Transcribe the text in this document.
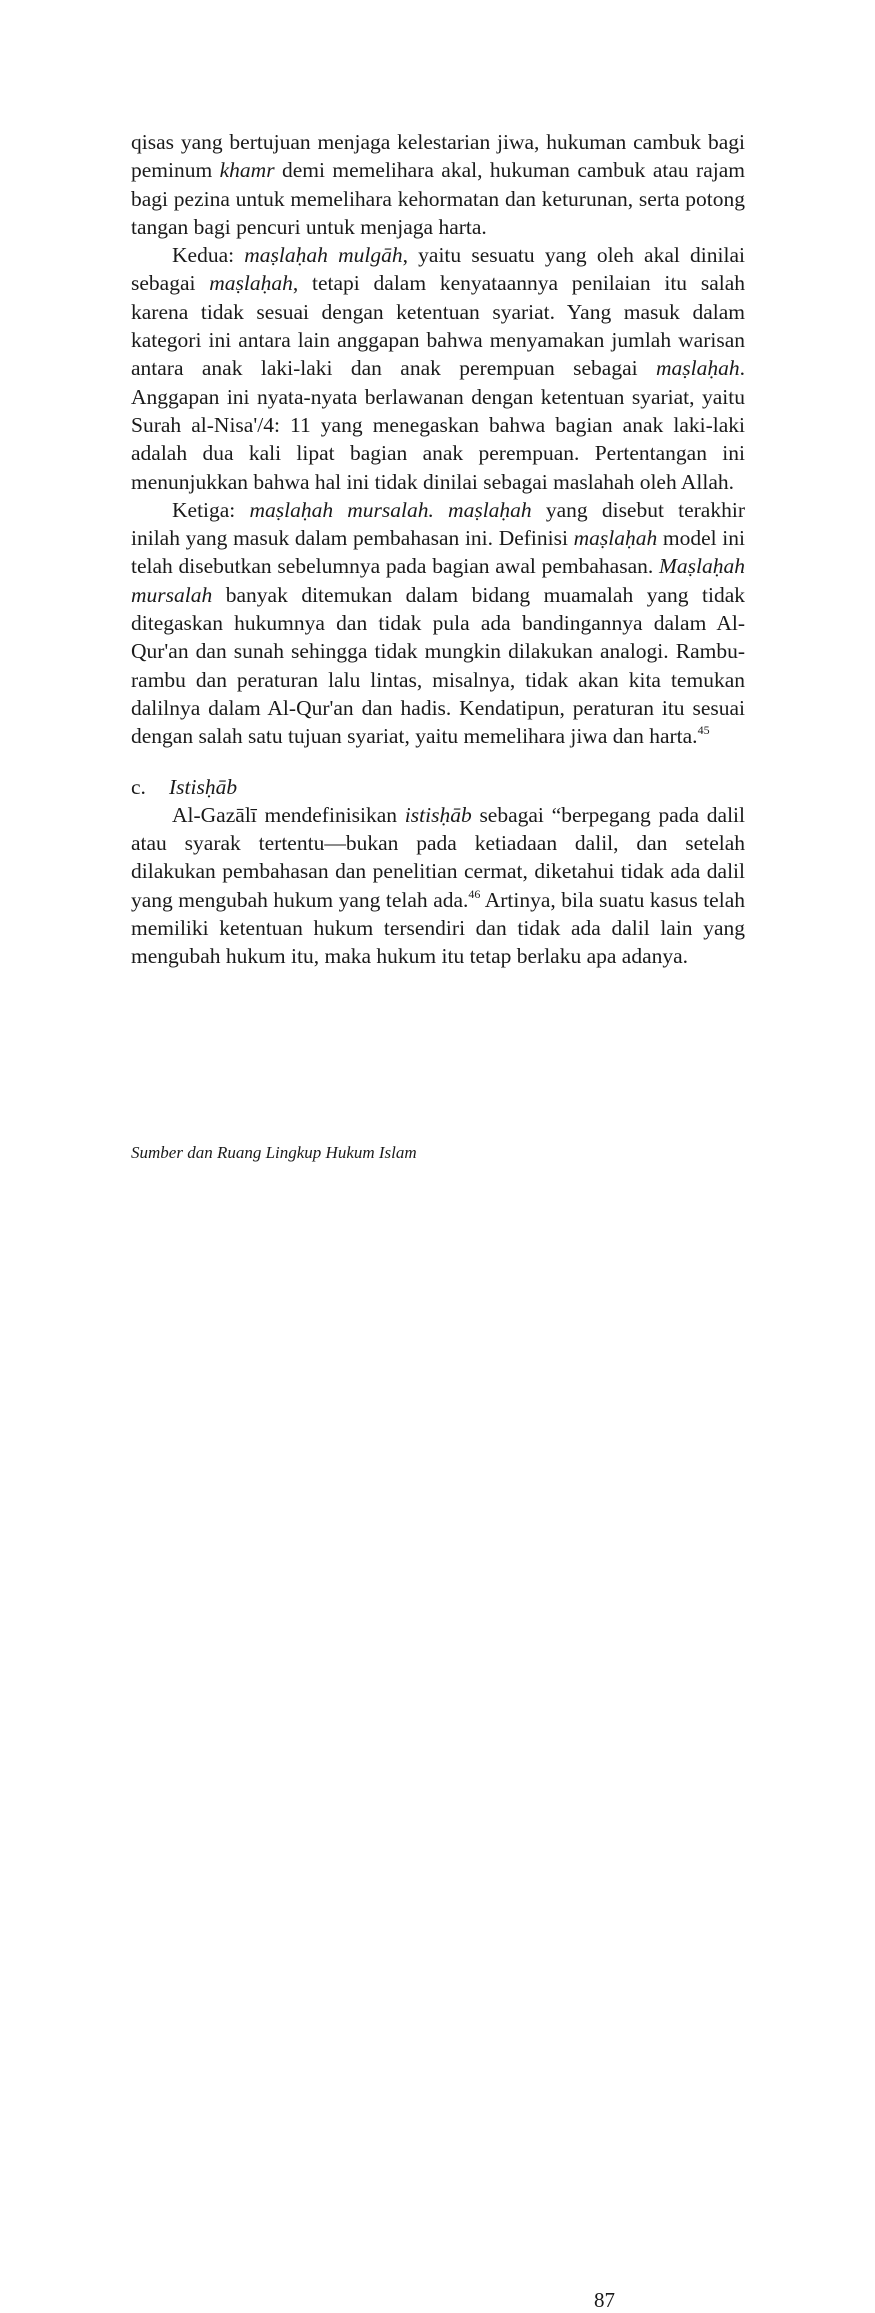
qisas yang bertujuan menjaga kelestarian jiwa, hukuman cambuk bagi peminum khamr demi memelihara akal, hukuman cambuk atau rajam bagi pezina untuk memelihara kehormatan dan keturunan, serta potong tangan bagi pencuri untuk menjaga harta.

Kedua: maṣlaḥah mulgāh, yaitu sesuatu yang oleh akal dinilai sebagai maṣlaḥah, tetapi dalam kenyataannya penilaian itu salah karena tidak sesuai dengan ketentuan syariat. Yang masuk dalam kategori ini antara lain anggapan bahwa menyamakan jumlah warisan antara anak laki-laki dan anak perempuan sebagai maṣlaḥah. Anggapan ini nyata-nyata berlawanan dengan ketentuan syariat, yaitu Surah al-Nisa'/4: 11 yang menegaskan bahwa bagian anak laki-laki adalah dua kali lipat bagian anak perempuan. Pertentangan ini menunjukkan bahwa hal ini tidak dinilai sebagai maslahah oleh Allah.

Ketiga: maṣlaḥah mursalah. maṣlaḥah yang disebut terakhir inilah yang masuk dalam pembahasan ini. Definisi maṣlaḥah model ini telah disebutkan sebelumnya pada bagian awal pembahasan. Maṣlaḥah mursalah banyak ditemukan dalam bidang muamalah yang tidak ditegaskan hukumnya dan tidak pula ada bandingannya dalam Al-Qur'an dan sunah sehingga tidak mungkin dilakukan analogi. Rambu-rambu dan peraturan lalu lintas, misalnya, tidak akan kita temukan dalilnya dalam Al-Qur'an dan hadis. Kendatipun, peraturan itu sesuai dengan salah satu tujuan syariat, yaitu memelihara jiwa dan harta.$^{45}$

c. Istisḥāb

Al-Gazālī mendefinisikan istisḥāb sebagai “berpegang pada dalil atau syarak tertentu—bukan pada ketiadaan dalil, dan setelah dilakukan pembahasan dan penelitian cermat, diketahui tidak ada dalil yang mengubah hukum yang telah ada.$^{46}$ Artinya, bila suatu kasus telah memiliki ketentuan hukum tersendiri dan tidak ada dalil lain yang mengubah hukum itu, maka hukum itu tetap berlaku apa adanya.

Sumber dan Ruang Lingkup Hukum Islam
87
